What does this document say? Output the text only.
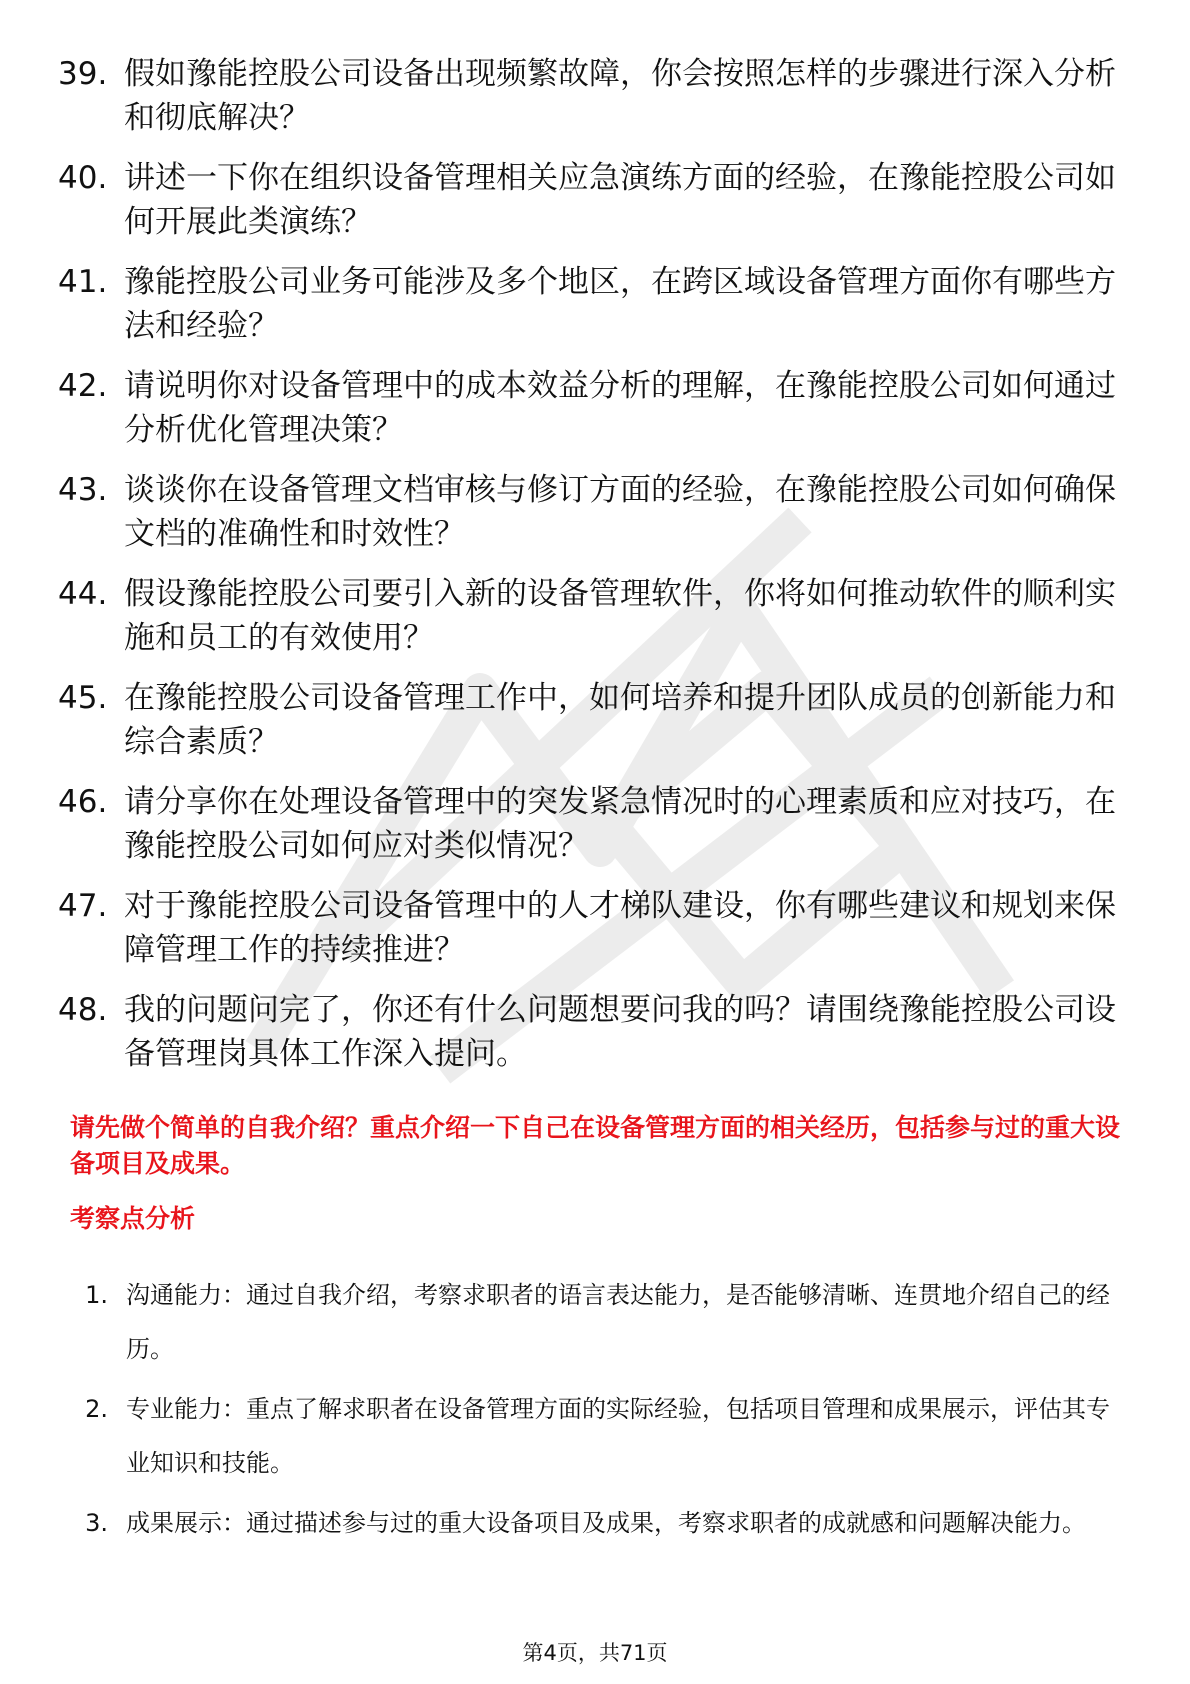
39. 假如豫能控股公司设备出现频繁故障，你会按照怎样的步骤进行深入分析和彻底解决？
40. 讲述一下你在组织设备管理相关应急演练方面的经验，在豫能控股公司如何开展此类演练？
41. 豫能控股公司业务可能涉及多个地区，在跨区域设备管理方面你有哪些方法和经验？
42. 请说明你对设备管理中的成本效益分析的理解，在豫能控股公司如何通过分析优化管理决策？
43. 谈谈你在设备管理文档审核与修订方面的经验，在豫能控股公司如何确保文档的准确性和时效性？
44. 假设豫能控股公司要引入新的设备管理软件，你将如何推动软件的顺利实施和员工的有效使用？
45. 在豫能控股公司设备管理工作中，如何培养和提升团队成员的创新能力和综合素质？
46. 请分享你在处理设备管理中的突发紧急情况时的心理素质和应对技巧，在豫能控股公司如何应对类似情况？
47. 对于豫能控股公司设备管理中的人才梯队建设，你有哪些建议和规划来保障管理工作的持续推进？
48. 我的问题问完了，你还有什么问题想要问我的吗？请围绕豫能控股公司设备管理岗具体工作深入提问。
请先做个简单的自我介绍？重点介绍一下自己在设备管理方面的相关经历，包括参与过的重大设备项目及成果。
考察点分析
1. 沟通能力：通过自我介绍，考察求职者的语言表达能力，是否能够清晰、连贯地介绍自己的经历。
2. 专业能力：重点了解求职者在设备管理方面的实际经验，包括项目管理和成果展示，评估其专业知识和技能。
3. 成果展示：通过描述参与过的重大设备项目及成果，考察求职者的成就感和问题解决能力。
第4页，共71页
